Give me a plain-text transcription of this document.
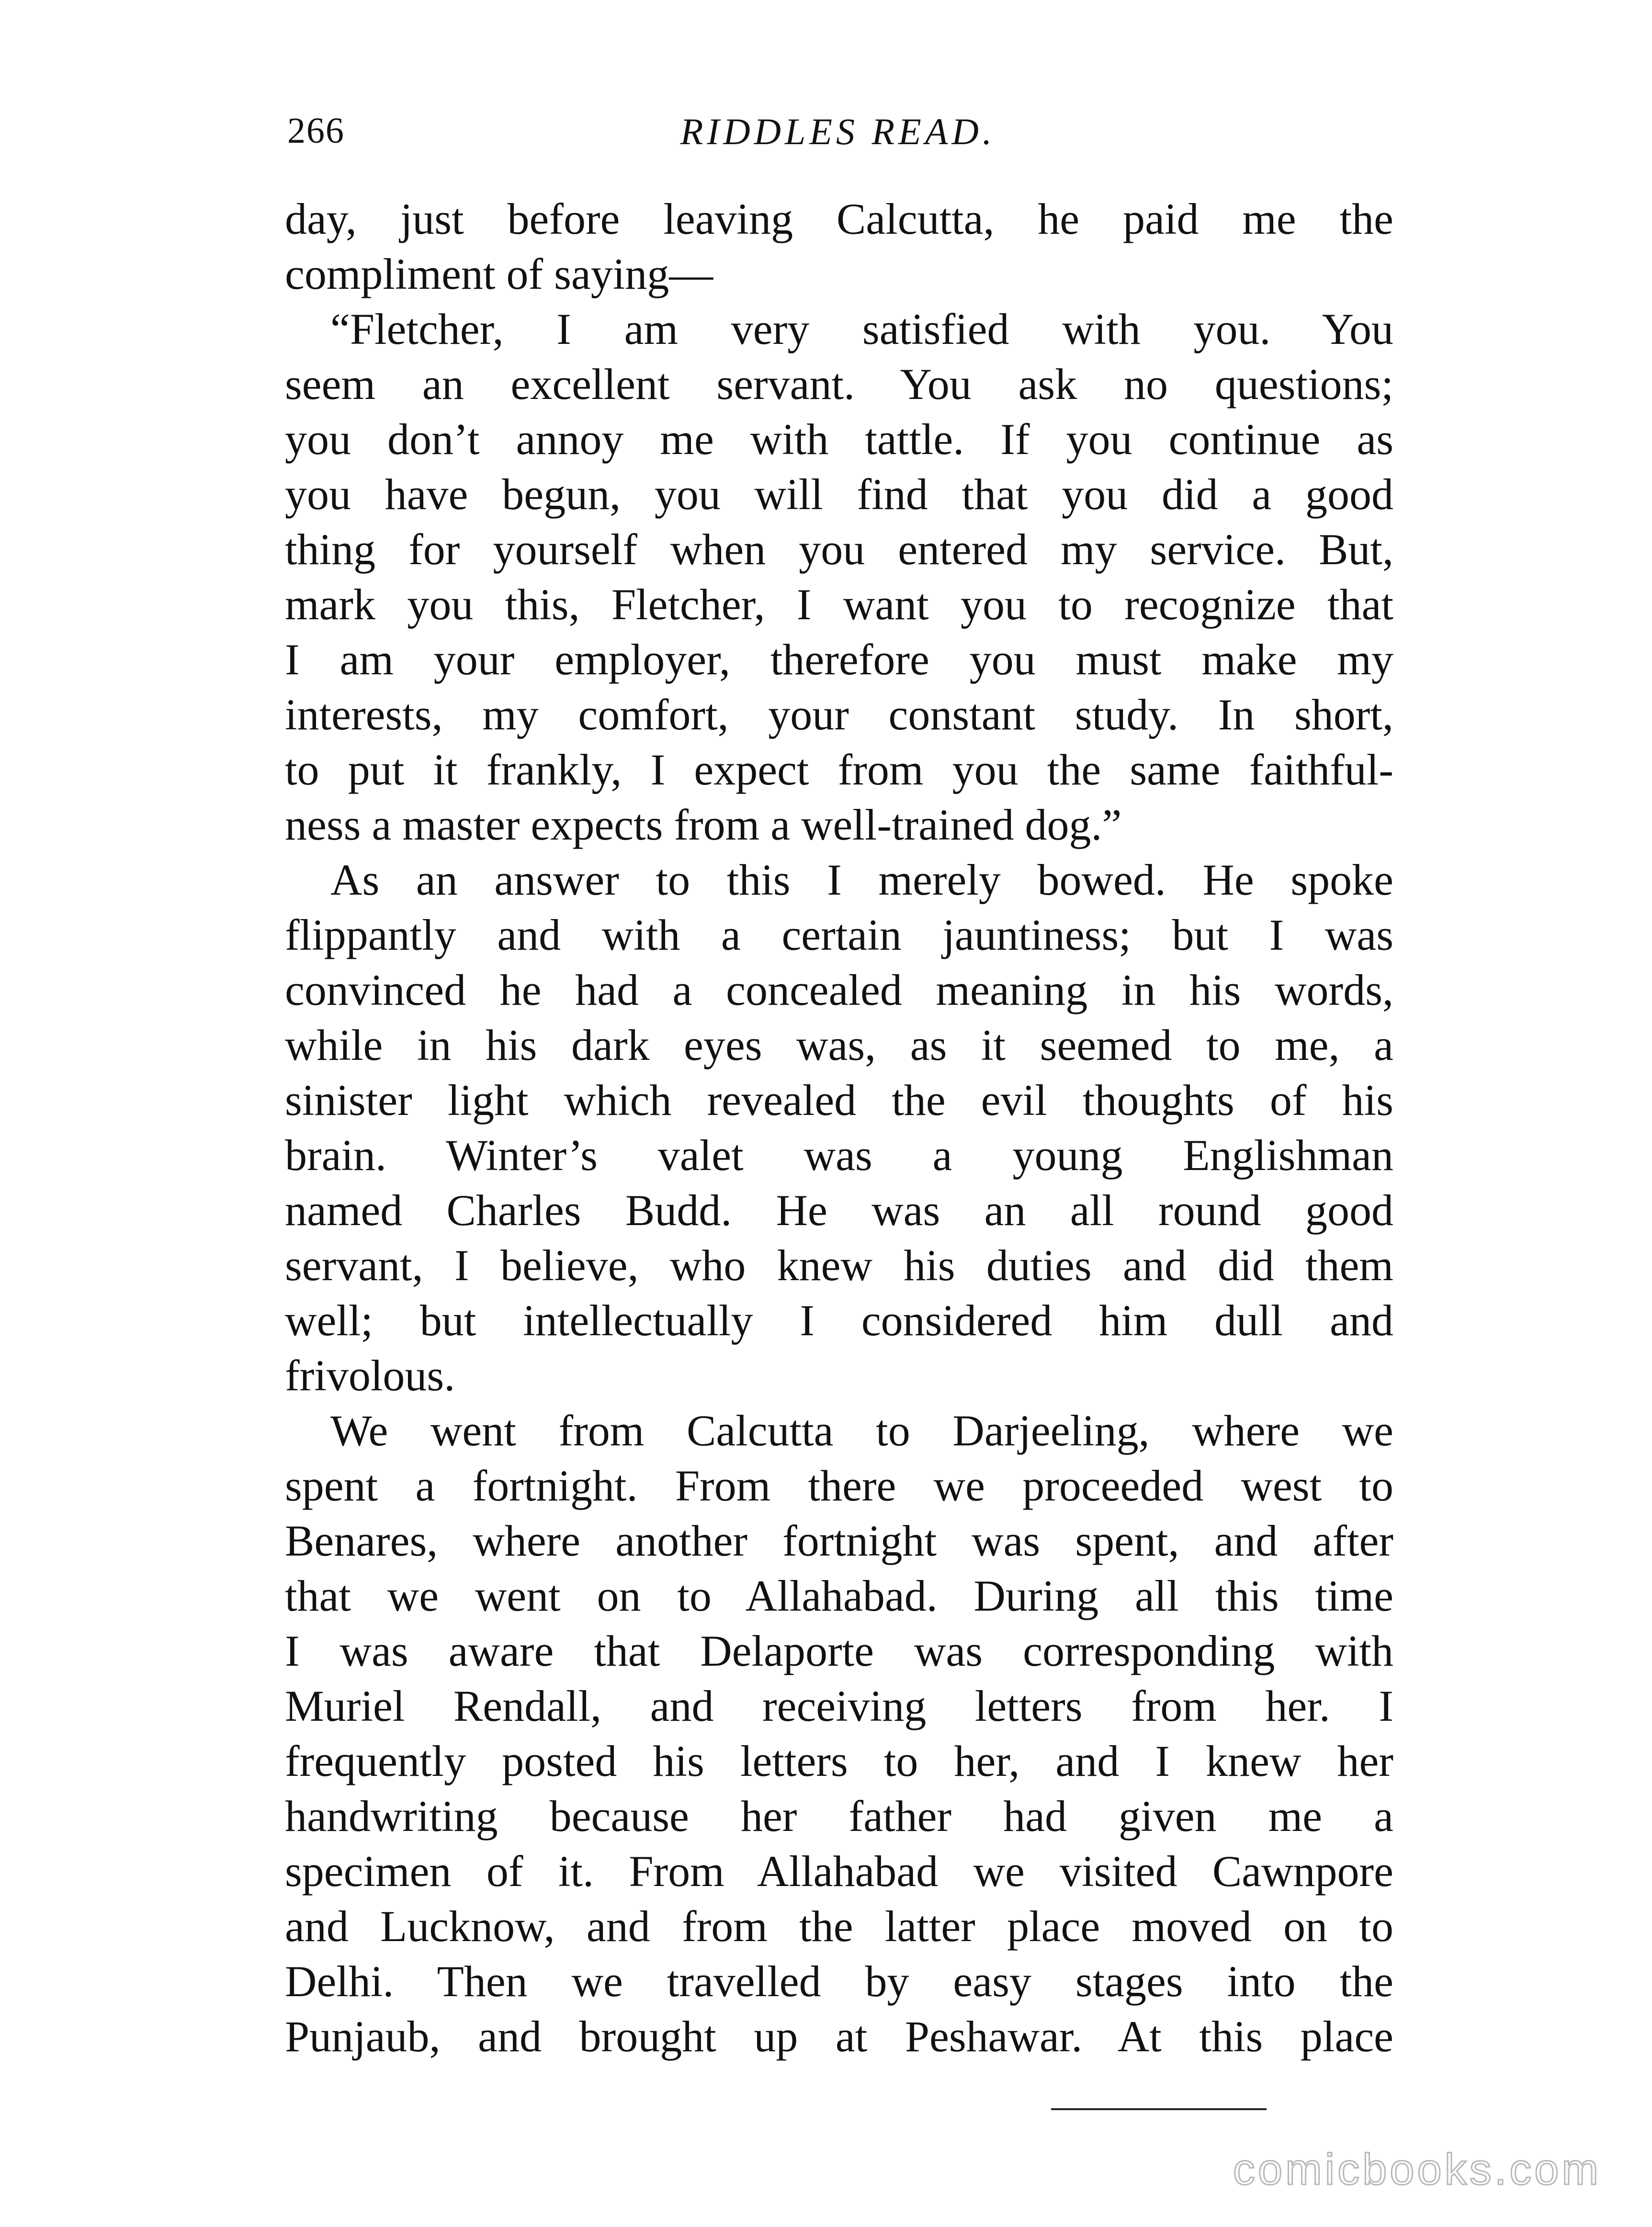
266	RIDDLES READ.
day, just before leaving Calcutta, he paid me the
compliment of saying—
“Fletcher, I am very satisfied with you. You
seem an excellent servant. You ask no questions;
you don’t annoy me with tattle. If you continue as
you have begun, you will find that you did a good
thing for yourself when you entered my service. But,
mark you this, Fletcher, I want you to recognize that
I am your employer, therefore you must make my
interests, my comfort, your constant study. In short,
to put it frankly, I expect from you the same faithful-
ness a master expects from a well-trained dog.”
As an answer to this I merely bowed. He spoke
flippantly and with a certain jauntiness; but I was
convinced he had a concealed meaning in his words,
while in his dark eyes was, as it seemed to me, a
sinister light which revealed the evil thoughts of his
brain. Winter’s valet was a young Englishman
named Charles Budd. He was an all round good
servant, I believe, who knew his duties and did them
well; but intellectually I considered him dull and
frivolous.
We went from Calcutta to Darjeeling, where we
spent a fortnight. From there we proceeded west to
Benares, where another fortnight was spent, and after
that we went on to Allahabad. During all this time
I was aware that Delaporte was corresponding with
Muriel Rendall, and receiving letters from her. I
frequently posted his letters to her, and I knew her
handwriting because her father had given me a
specimen of it. From Allahabad we visited Cawnpore
and Lucknow, and from the latter place moved on to
Delhi. Then we travelled by easy stages into the
Punjaub, and brought up at Peshawar. At this place
comicbooks.com
